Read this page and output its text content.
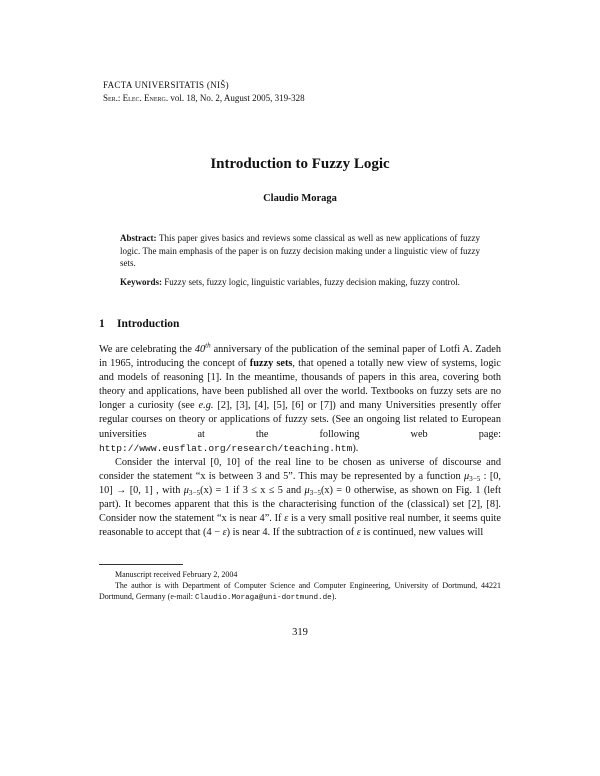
FACTA UNIVERSITATIS (NIŠ)
Ser.: Elec. Energ. vol. 18, No. 2, August 2005, 319-328
Introduction to Fuzzy Logic
Claudio Moraga
Abstract: This paper gives basics and reviews some classical as well as new applications of fuzzy logic. The main emphasis of the paper is on fuzzy decision making under a linguistic view of fuzzy sets.
Keywords: Fuzzy sets, fuzzy logic, linguistic variables, fuzzy decision making, fuzzy control.
1 Introduction

We are celebrating the 40th anniversary of the publication of the seminal paper of Lotfi A. Zadeh in 1965, introducing the concept of fuzzy sets, that opened a totally new view of systems, logic and models of reasoning [1]. In the meantime, thousands of papers in this area, covering both theory and applications, have been published all over the world. Textbooks on fuzzy sets are no longer a curiosity (see e.g. [2], [3], [4], [5], [6] or [7]) and many Universities presently offer regular courses on theory or applications of fuzzy sets. (See an ongoing list related to European universities at the following web page: http://www.eusflat.org/research/teaching.htm).

Consider the interval [0, 10] of the real line to be chosen as universe of discourse and consider the statement “x is between 3 and 5”. This may be represented by a function $\mu_{3-5}$ : [0, 10] → [0, 1] , with $\mu_{3-5}(x) = 1$ if 3 ≤ x ≤ 5 and $\mu_{3-5}(x) = 0$ otherwise, as shown on Fig. 1 (left part). It becomes apparent that this is the characterising function of the (classical) set [2], [8]. Consider now the statement “x is near 4”. If ε is a very small positive real number, it seems quite reasonable to accept that (4 − ε) is near 4. If the subtraction of ε is continued, new values will

Manuscript received February 2, 2004

The author is with Department of Computer Science and Computer Engineering, University of Dortmund, 44221 Dortmund, Germany (e-mail: Claudio.Moraga@uni-dortmund.de).

319
